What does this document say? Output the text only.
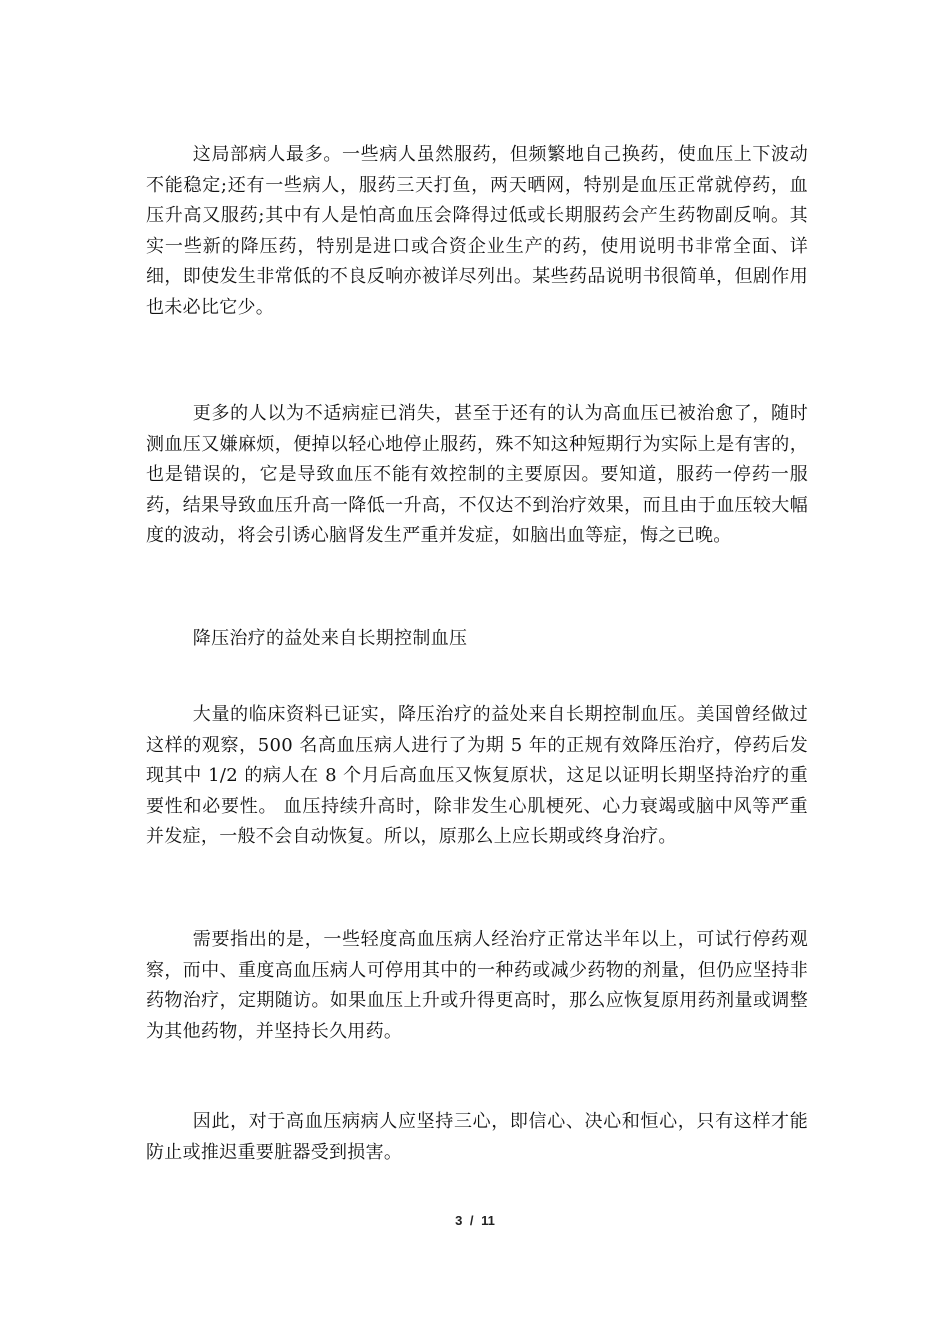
这局部病人最多。一些病人虽然服药，但频繁地自己换药，使血压上下波动不能稳定;还有一些病人，服药三天打鱼，两天晒网，特别是血压正常就停药，血压升高又服药;其中有人是怕高血压会降得过低或长期服药会产生药物副反响。其实一些新的降压药，特别是进口或合资企业生产的药，使用说明书非常全面、详细，即使发生非常低的不良反响亦被详尽列出。某些药品说明书很简单，但剧作用也未必比它少。

更多的人以为不适病症已消失，甚至于还有的认为高血压已被治愈了，随时测血压又嫌麻烦，便掉以轻心地停止服药，殊不知这种短期行为实际上是有害的，也是错误的，它是导致血压不能有效控制的主要原因。要知道，服药一停药一服药，结果导致血压升高一降低一升高，不仅达不到治疗效果，而且由于血压较大幅度的波动，将会引诱心脑肾发生严重并发症，如脑出血等症，悔之已晚。

降压治疗的益处来自长期控制血压

大量的临床资料已证实，降压治疗的益处来自长期控制血压。美国曾经做过这样的观察，500 名高血压病人进行了为期 5 年的正规有效降压治疗，停药后发现其中 1/2 的病人在 8 个月后高血压又恢复原状，这足以证明长期坚持治疗的重要性和必要性。 血压持续升高时，除非发生心肌梗死、心力衰竭或脑中风等严重并发症，一般不会自动恢复。所以，原那么上应长期或终身治疗。

需要指出的是，一些轻度高血压病人经治疗正常达半年以上，可试行停药观察，而中、重度高血压病人可停用其中的一种药或减少药物的剂量，但仍应坚持非药物治疗，定期随访。如果血压上升或升得更高时，那么应恢复原用药剂量或调整为其他药物，并坚持长久用药。

因此，对于高血压病病人应坚持三心，即信心、决心和恒心，只有这样才能防止或推迟重要脏器受到损害。

3 / 11
